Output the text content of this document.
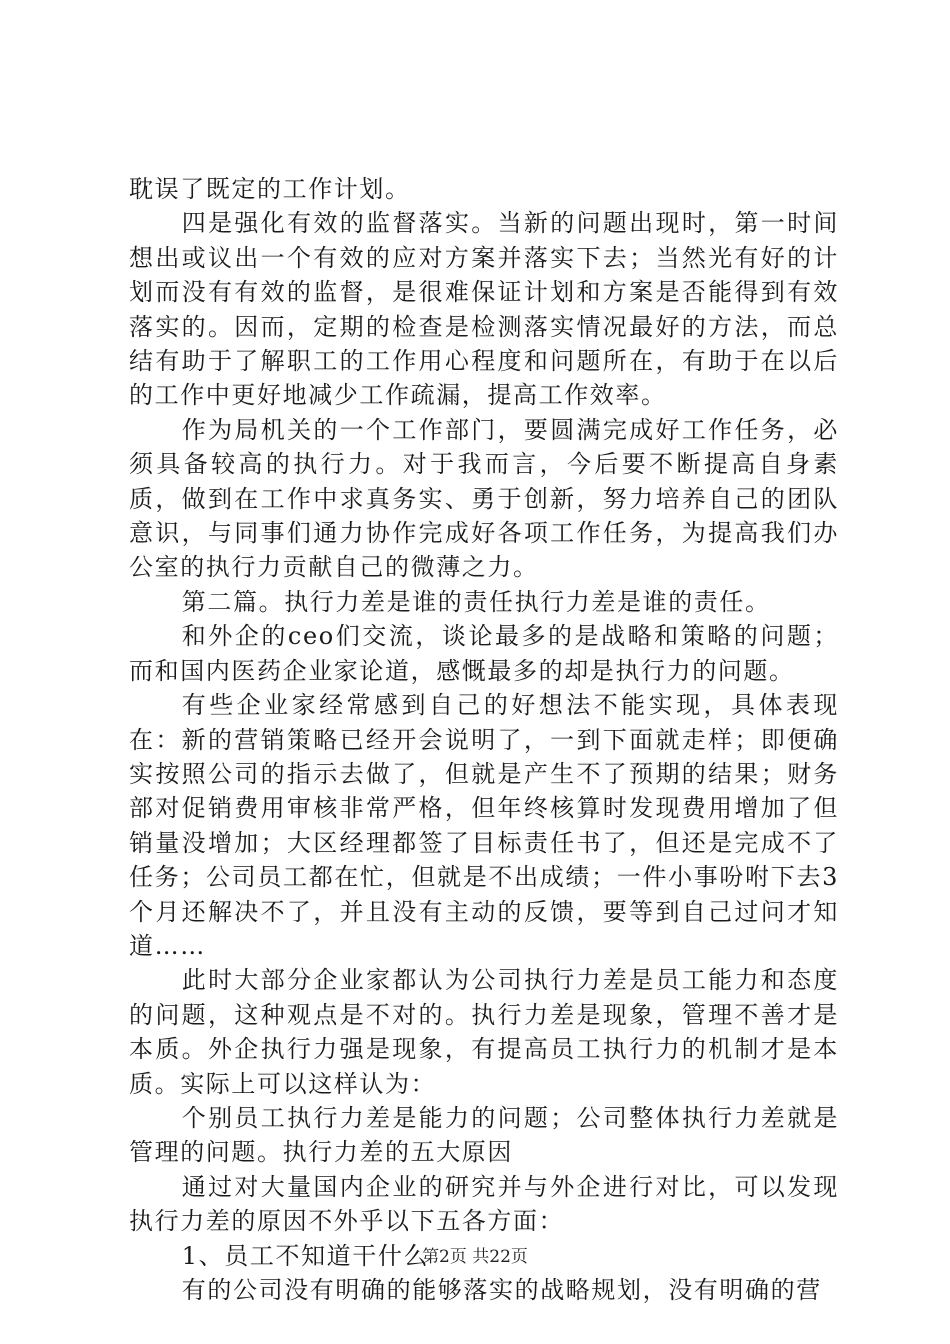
耽误了既定的工作计划。

四是强化有效的监督落实。当新的问题出现时，第一时间想出或议出一个有效的应对方案并落实下去；当然光有好的计划而没有有效的监督，是很难保证计划和方案是否能得到有效落实的。因而，定期的检查是检测落实情况最好的方法，而总结有助于了解职工的工作用心程度和问题所在，有助于在以后的工作中更好地减少工作疏漏，提高工作效率。

作为局机关的一个工作部门，要圆满完成好工作任务，必须具备较高的执行力。对于我而言，今后要不断提高自身素质，做到在工作中求真务实、勇于创新，努力培养自己的团队意识，与同事们通力协作完成好各项工作任务，为提高我们办公室的执行力贡献自己的微薄之力。

第二篇。执行力差是谁的责任执行力差是谁的责任。

和外企的ceo们交流，谈论最多的是战略和策略的问题；而和国内医药企业家论道，感慨最多的却是执行力的问题。

有些企业家经常感到自己的好想法不能实现，具体表现在：新的营销策略已经开会说明了，一到下面就走样；即便确实按照公司的指示去做了，但就是产生不了预期的结果；财务部对促销费用审核非常严格，但年终核算时发现费用增加了但销量没增加；大区经理都签了目标责任书了，但还是完成不了任务；公司员工都在忙，但就是不出成绩；一件小事吩咐下去3个月还解决不了，并且没有主动的反馈，要等到自己过问才知道……

此时大部分企业家都认为公司执行力差是员工能力和态度的问题，这种观点是不对的。执行力差是现象，管理不善才是本质。外企执行力强是现象，有提高员工执行力的机制才是本质。实际上可以这样认为：

个别员工执行力差是能力的问题；公司整体执行力差就是管理的问题。执行力差的五大原因

通过对大量国内企业的研究并与外企进行对比，可以发现执行力差的原因不外乎以下五各方面：

1、员工不知道干什么

有的公司没有明确的能够落实的战略规划，没有明确的营

第2页 共22页
